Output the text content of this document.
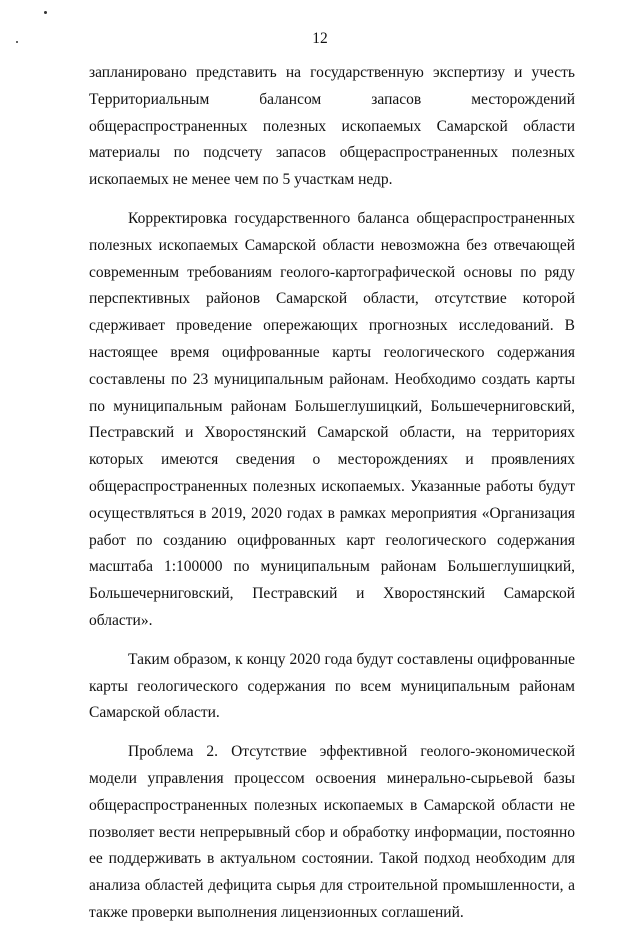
12

запланировано представить на государственную экспертизу и учесть Территориальным балансом запасов месторождений общераспространенных полезных ископаемых Самарской области материалы по подсчету запасов общераспространенных полезных ископаемых не менее чем по 5 участкам недр.

Корректировка государственного баланса общераспространенных полезных ископаемых Самарской области невозможна без отвечающей современным требованиям геолого-картографической основы по ряду перспективных районов Самарской области, отсутствие которой сдерживает проведение опережающих прогнозных исследований. В настоящее время оцифрованные карты геологического содержания составлены по 23 муниципальным районам. Необходимо создать карты по муниципальным районам Большеглушицкий, Большечерниговский, Пестравский и Хворостянский Самарской области, на территориях которых имеются сведения о месторождениях и проявлениях общераспространенных полезных ископаемых. Указанные работы будут осуществляться в 2019, 2020 годах в рамках мероприятия «Организация работ по созданию оцифрованных карт геологического содержания масштаба 1:100000 по муниципальным районам Большеглушицкий, Большечерниговский, Пестравский и Хворостянский Самарской области».

Таким образом, к концу 2020 года будут составлены оцифрованные карты геологического содержания по всем муниципальным районам Самарской области.

Проблема 2. Отсутствие эффективной геолого-экономической модели управления процессом освоения минерально-сырьевой базы общераспространенных полезных ископаемых в Самарской области не позволяет вести непрерывный сбор и обработку информации, постоянно ее поддерживать в актуальном состоянии. Такой подход необходим для анализа областей дефицита сырья для строительной промышленности, а также проверки выполнения лицензионных соглашений.
